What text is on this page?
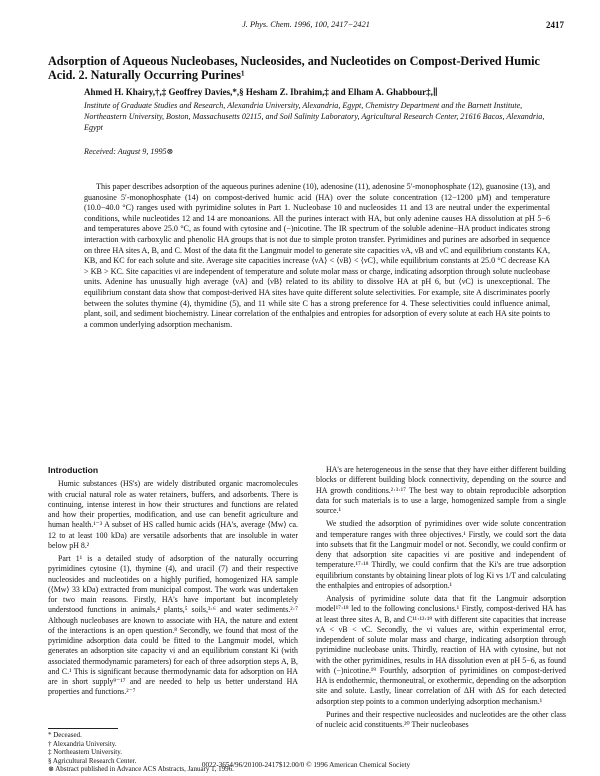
J. Phys. Chem. 1996, 100, 2417−2421	2417
Adsorption of Aqueous Nucleobases, Nucleosides, and Nucleotides on Compost-Derived Humic Acid. 2. Naturally Occurring Purines¹
Ahmed H. Khairy,†,‡ Geoffrey Davies,*,§ Hesham Z. Ibrahim,‡ and Elham A. Ghabbour‡,∥
Institute of Graduate Studies and Research, Alexandria University, Alexandria, Egypt, Chemistry Department and the Barnett Institute, Northeastern University, Boston, Massachusetts 02115, and Soil Salinity Laboratory, Agricultural Research Center, 21616 Bacos, Alexandria, Egypt
Received: August 9, 1995⊗
This paper describes adsorption of the aqueous purines adenine (10), adenosine (11), adenosine 5′-monophosphate (12), guanosine (13), and guanosine 5′-monophosphate (14) on compost-derived humic acid (HA) over the solute concentration (12−1200 μM) and temperature (10.0−40.0 °C) ranges used with pyrimidine solutes in Part 1. Nucleobase 10 and nucleosides 11 and 13 are neutral under the experimental conditions, while nucleotides 12 and 14 are monoanions. All the purines interact with HA, but only adenine causes HA dissolution at pH 5−6 and temperatures above 25.0 °C, as found with cytosine and (−)nicotine. The IR spectrum of the soluble adenine−HA product indicates strong interaction with carboxylic and phenolic HA groups that is not due to simple proton transfer. Pyrimidines and purines are adsorbed in sequence on three HA sites A, B, and C. Most of the data fit the Langmuir model to generate site capacities νA, νB and νC and equilibrium constants KA, KB, and KC for each solute and site. Average site capacities increase ⟨νA⟩ < ⟨νB⟩ < ⟨νC⟩, while equilibrium constants at 25.0 °C decrease KA > KB > KC. Site capacities νi are independent of temperature and solute molar mass or charge, indicating adsorption through solute nucleobase units. Adenine has unusually high average ⟨νA⟩ and ⟨νB⟩ related to its ability to dissolve HA at pH 6, but ⟨νC⟩ is unexceptional. The equilibrium constant data show that compost-derived HA sites have quite different solute selectivities. For example, site A discriminates poorly between the solutes thymine (4), thymidine (5), and 11 while site C has a strong preference for 4. These selectivities could influence animal, plant, soil, and sediment biochemistry. Linear correlation of the enthalpies and entropies for adsorption of every solute at each HA site points to a common underlying adsorption mechanism.
Introduction

Humic substances (HS's) are widely distributed organic macromolecules with crucial natural role as water retainers, buffers, and adsorbents. There is continuing, intense interest in how their structures and functions are related and how their properties, modification, and use can benefit agriculture and human health.¹⁻³ A subset of HS called humic acids (HA's, average ⟨Mw⟩ ca. 12 to at least 100 kDa) are versatile adsorbents that are insoluble in water below pH 8.²

Part 1¹ is a detailed study of adsorption of the naturally occurring pyrimidines cytosine (1), thymine (4), and uracil (7) and their respective nucleosides and nucleotides on a highly purified, homogenized HA sample (⟨Mw⟩ 33 kDa) extracted from municipal compost. The work was undertaken for two main reasons. Firstly, HA's have important but incompletely understood functions in animals,⁴ plants,⁵ soils,³·⁶ and water sediments.²·⁷ Although nucleobases are known to associate with HA, the nature and extent of the interactions is an open question.⁸ Secondly, we found that most of the pyrimidine adsorption data could be fitted to the Langmuir model, which generates an adsorption site capacity νi and an equilibrium constant Ki (with associated thermodynamic parameters) for each of three adsorption steps A, B, and C.¹ This is significant because thermodynamic data for adsorption on HA are in short supply⁹⁻¹⁷ and are needed to help us better understand HA properties and functions.²⁻⁷

HA's are heterogeneous in the sense that they have either different building blocks or different building block connectivity, depending on the source and HA growth conditions.²·³·¹⁷ The best way to obtain reproducible adsorption data for such materials is to use a large, homogenized sample from a single source.¹

We studied the adsorption of pyrimidines over wide solute concentration and temperature ranges with three objectives.¹ Firstly, we could sort the data into subsets that fit the Langmuir model or not. Secondly, we could confirm or deny that adsorption site capacities νi are positive and independent of temperature.¹⁷·¹⁸ Thirdly, we could confirm that the Ki's are true adsorption equilibrium constants by obtaining linear plots of log Ki vs 1/T and calculating the enthalpies and entropies of adsorption.¹

Analysis of pyrimidine solute data that fit the Langmuir adsorption model¹⁷·¹⁸ led to the following conclusions.¹ Firstly, compost-derived HA has at least three sites A, B, and C¹¹·¹³·¹⁹ with different site capacities that increase νA < νB < νC. Secondly, the νi values are, within experimental error, independent of solute molar mass and charge, indicating adsorption through pyrimidine nucleobase units. Thirdly, reaction of HA with cytosine, but not with the other pyrimidines, results in HA dissolution even at pH 5−6, as found with (−)nicotine.¹⁹ Fourthly, adsorption of pyrimidines on compost-derived HA is endothermic, thermoneutral, or exothermic, depending on the adsorption site and solute. Lastly, linear correlation of ΔH with ΔS for each detected adsorption step points to a common underlying adsorption mechanism.¹

Purines and their respective nucleosides and nucleotides are the other class of nucleic acid constituents.²⁰ Their nucleobases

* Deceased.
† Alexandria University.
‡ Northeastern University.
§ Agricultural Research Center.
⊗ Abstract published in Advance ACS Abstracts, January 1, 1996.
0022-3654/96/20100-2417$12.00/0 © 1996 American Chemical Society
